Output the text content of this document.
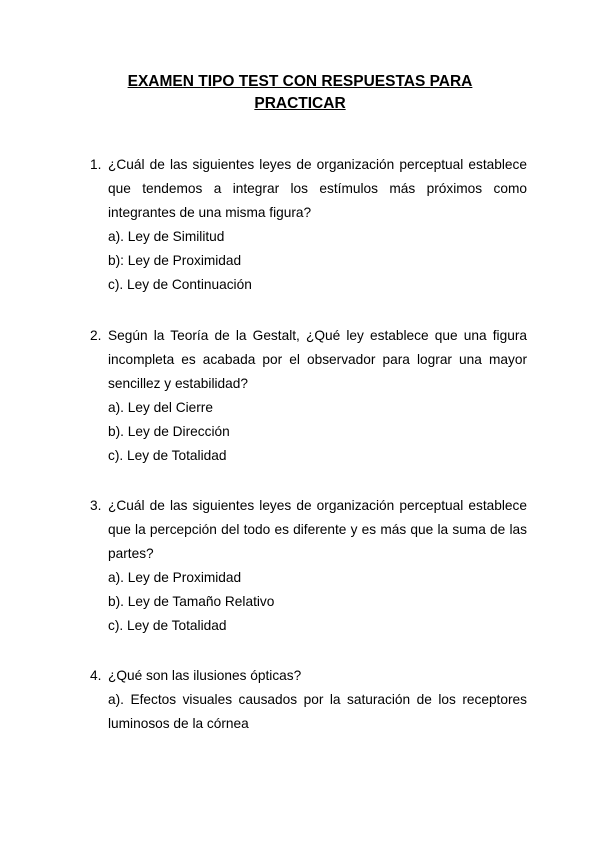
EXAMEN TIPO TEST CON RESPUESTAS PARA
PRACTICAR
1. ¿Cuál de las siguientes leyes de organización perceptual establece que tendemos a integrar los estímulos más próximos como integrantes de una misma figura?

a). Ley de Similitud
b): Ley de Proximidad
c). Ley de Continuación
2. Según la Teoría de la Gestalt, ¿Qué ley establece que una figura incompleta es acabada por el observador para lograr una mayor sencillez y estabilidad?

a). Ley del Cierre
b). Ley de Dirección
c). Ley de Totalidad
3. ¿Cuál de las siguientes leyes de organización perceptual establece que la percepción del todo es diferente y es más que la suma de las partes?

a). Ley de Proximidad
b). Ley de Tamaño Relativo
c). Ley de Totalidad
4. ¿Qué son las ilusiones ópticas?

a). Efectos visuales causados por la saturación de los receptores luminosos de la córnea
